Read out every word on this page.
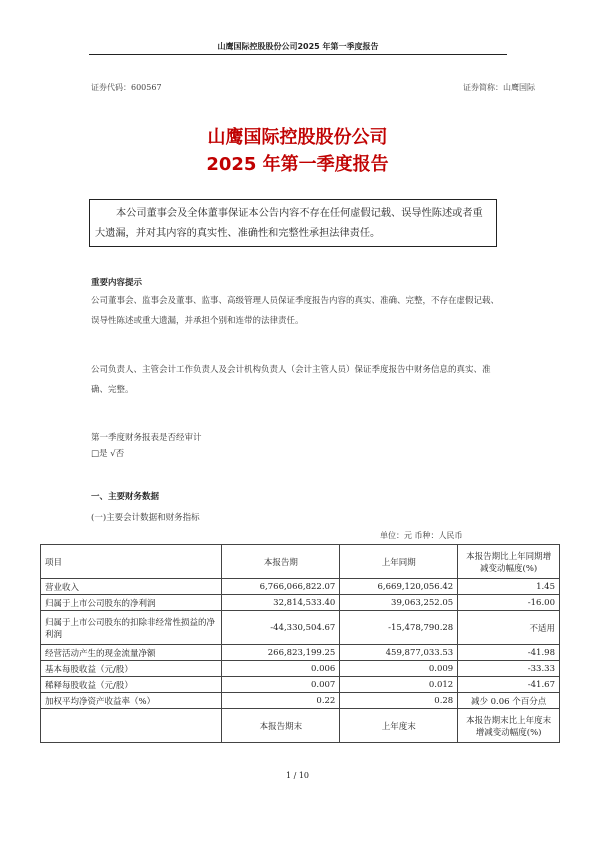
山鹰国际控股股份公司2025 年第一季度报告
证券代码：600567	证券简称：山鹰国际
山鹰国际控股股份公司
2025 年第一季度报告
本公司董事会及全体董事保证本公告内容不存在任何虚假记载、误导性陈述或者重大遗漏，并对其内容的真实性、准确性和完整性承担法律责任。
重要内容提示
公司董事会、监事会及董事、监事、高级管理人员保证季度报告内容的真实、准确、完整，不存在虚假记载、误导性陈述或重大遗漏，并承担个别和连带的法律责任。
公司负责人、主管会计工作负责人及会计机构负责人（会计主管人员）保证季度报告中财务信息的真实、准确、完整。
第一季度财务报表是否经审计
□是 √否
一、主要财务数据
(一)主要会计数据和财务指标
单位：元 币种：人民币
项目	本报告期	上年同期	本报告期比上年同期增减变动幅度(%)
营业收入	6,766,066,822.07	6,669,120,056.42	1.45
归属于上市公司股东的净利润	32,814,533.40	39,063,252.05	-16.00
归属于上市公司股东的扣除非经常性损益的净利润	-44,330,504.67	-15,478,790.28	不适用
经营活动产生的现金流量净额	266,823,199.25	459,877,033.53	-41.98
基本每股收益（元/股）	0.006	0.009	-33.33
稀释每股收益（元/股）	0.007	0.012	-41.67
加权平均净资产收益率（%）	0.22	0.28	减少 0.06 个百分点
	本报告期末	上年度末	本报告期末比上年度末增减变动幅度(%)
1 / 10
